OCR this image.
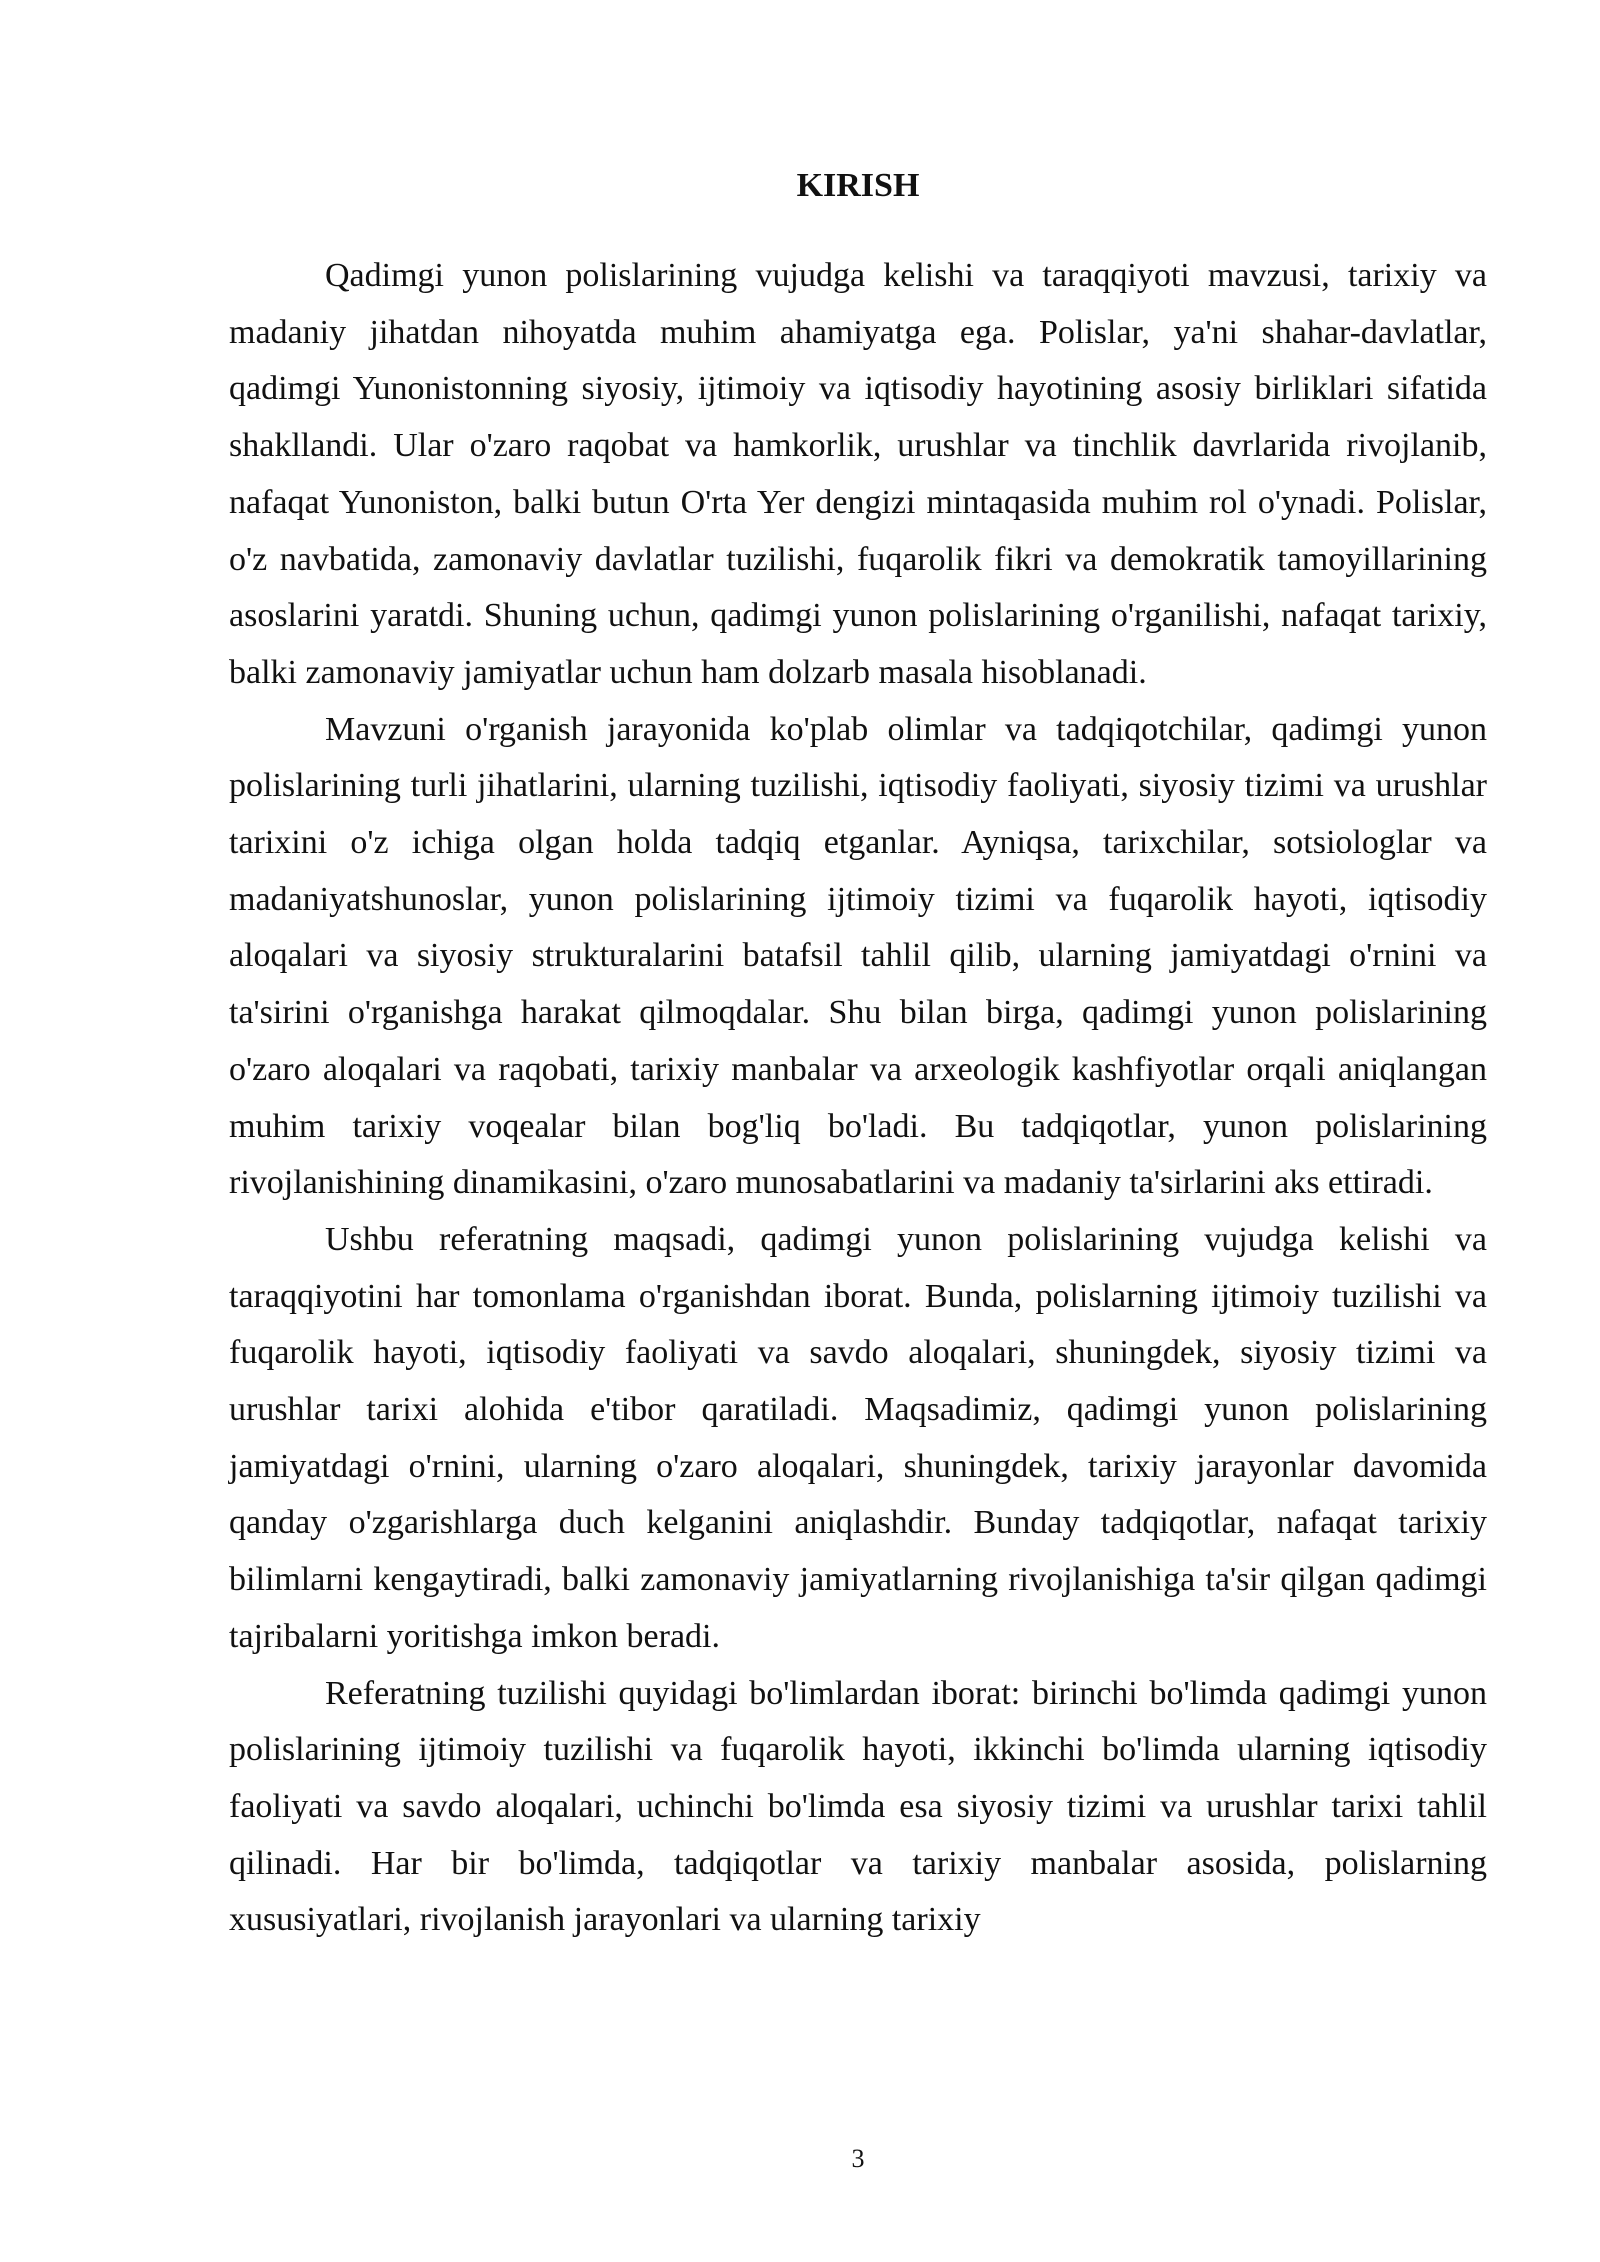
KIRISH

Qadimgi yunon polislarining vujudga kelishi va taraqqiyoti mavzusi, tarixiy va madaniy jihatdan nihoyatda muhim ahamiyatga ega. Polislar, ya'ni shahar-davlatlar, qadimgi Yunonistonning siyosiy, ijtimoiy va iqtisodiy hayotining asosiy birliklari sifatida shakllandi. Ular o'zaro raqobat va hamkorlik, urushlar va tinchlik davrlarida rivojlanib, nafaqat Yunoniston, balki butun O'rta Yer dengizi mintaqasida muhim rol o'ynadi. Polislar, o'z navbatida, zamonaviy davlatlar tuzilishi, fuqarolik fikri va demokratik tamoyillarining asoslarini yaratdi. Shuning uchun, qadimgi yunon polislarining o'rganilishi, nafaqat tarixiy, balki zamonaviy jamiyatlar uchun ham dolzarb masala hisoblanadi.

Mavzuni o'rganish jarayonida ko'plab olimlar va tadqiqotchilar, qadimgi yunon polislarining turli jihatlarini, ularning tuzilishi, iqtisodiy faoliyati, siyosiy tizimi va urushlar tarixini o'z ichiga olgan holda tadqiq etganlar. Ayniqsa, tarixchilar, sotsiologlar va madaniyatshunoslar, yunon polislarining ijtimoiy tizimi va fuqarolik hayoti, iqtisodiy aloqalari va siyosiy strukturalarini batafsil tahlil qilib, ularning jamiyatdagi o'rnini va ta'sirini o'rganishga harakat qilmoqdalar. Shu bilan birga, qadimgi yunon polislarining o'zaro aloqalari va raqobati, tarixiy manbalar va arxeologik kashfiyotlar orqali aniqlangan muhim tarixiy voqealar bilan bog'liq bo'ladi. Bu tadqiqotlar, yunon polislarining rivojlanishining dinamikasini, o'zaro munosabatlarini va madaniy ta'sirlarini aks ettiradi.

Ushbu referatning maqsadi, qadimgi yunon polislarining vujudga kelishi va taraqqiyotini har tomonlama o'rganishdan iborat. Bunda, polislarning ijtimoiy tuzilishi va fuqarolik hayoti, iqtisodiy faoliyati va savdo aloqalari, shuningdek, siyosiy tizimi va urushlar tarixi alohida e'tibor qaratiladi. Maqsadimiz, qadimgi yunon polislarining jamiyatdagi o'rnini, ularning o'zaro aloqalari, shuningdek, tarixiy jarayonlar davomida qanday o'zgarishlarga duch kelganini aniqlashdir. Bunday tadqiqotlar, nafaqat tarixiy bilimlarni kengaytiradi, balki zamonaviy jamiyatlarning rivojlanishiga ta'sir qilgan qadimgi tajribalarni yoritishga imkon beradi.

Referatning tuzilishi quyidagi bo'limlardan iborat: birinchi bo'limda qadimgi yunon polislarining ijtimoiy tuzilishi va fuqarolik hayoti, ikkinchi bo'limda ularning iqtisodiy faoliyati va savdo aloqalari, uchinchi bo'limda esa siyosiy tizimi va urushlar tarixi tahlil qilinadi. Har bir bo'limda, tadqiqotlar va tarixiy manbalar asosida, polislarning xususiyatlari, rivojlanish jarayonlari va ularning tarixiy

3
